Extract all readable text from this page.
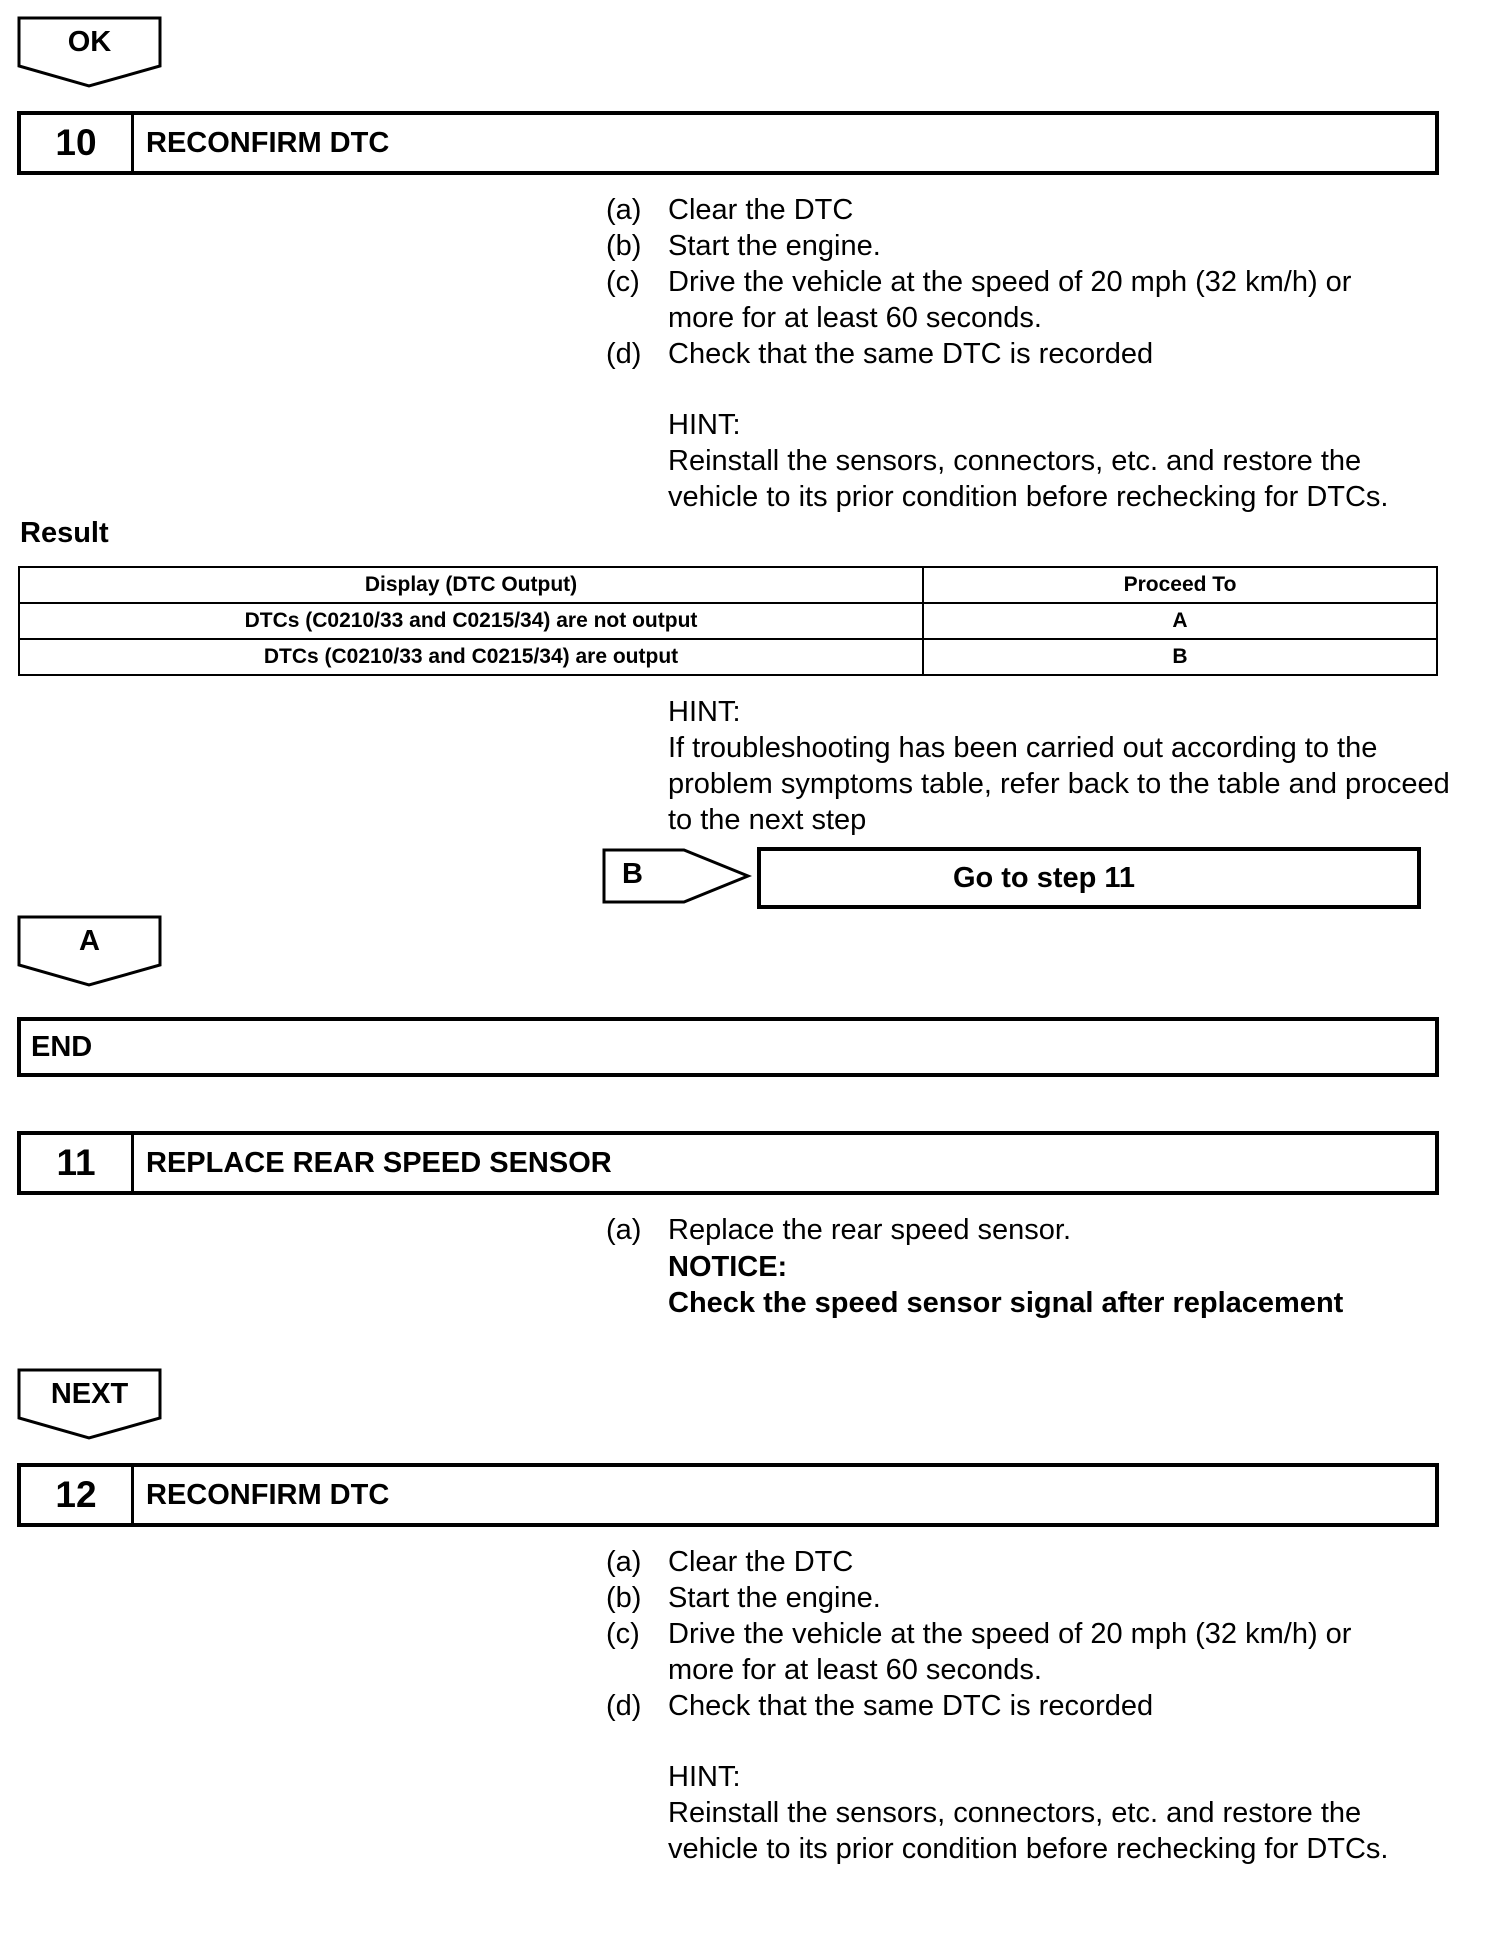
OK
10	RECONFIRM DTC
(a) Clear the DTC
(b) Start the engine.
(c) Drive the vehicle at the speed of 20 mph (32 km/h) or more for at least 60 seconds.
(d) Check that the same DTC is recorded
HINT:
Reinstall the sensors, connectors, etc. and restore the vehicle to its prior condition before rechecking for DTCs.
Result
Display (DTC Output)	Proceed To
DTCs (C0210/33 and C0215/34) are not output	A
DTCs (C0210/33 and C0215/34) are output	B
HINT:
If troubleshooting has been carried out according to the problem symptoms table, refer back to the table and proceed to the next step
B	Go to step 11
A
END
11	REPLACE REAR SPEED SENSOR
(a) Replace the rear speed sensor.
NOTICE:
Check the speed sensor signal after replacement
NEXT
12	RECONFIRM DTC
(a) Clear the DTC
(b) Start the engine.
(c) Drive the vehicle at the speed of 20 mph (32 km/h) or more for at least 60 seconds.
(d) Check that the same DTC is recorded
HINT:
Reinstall the sensors, connectors, etc. and restore the vehicle to its prior condition before rechecking for DTCs.
